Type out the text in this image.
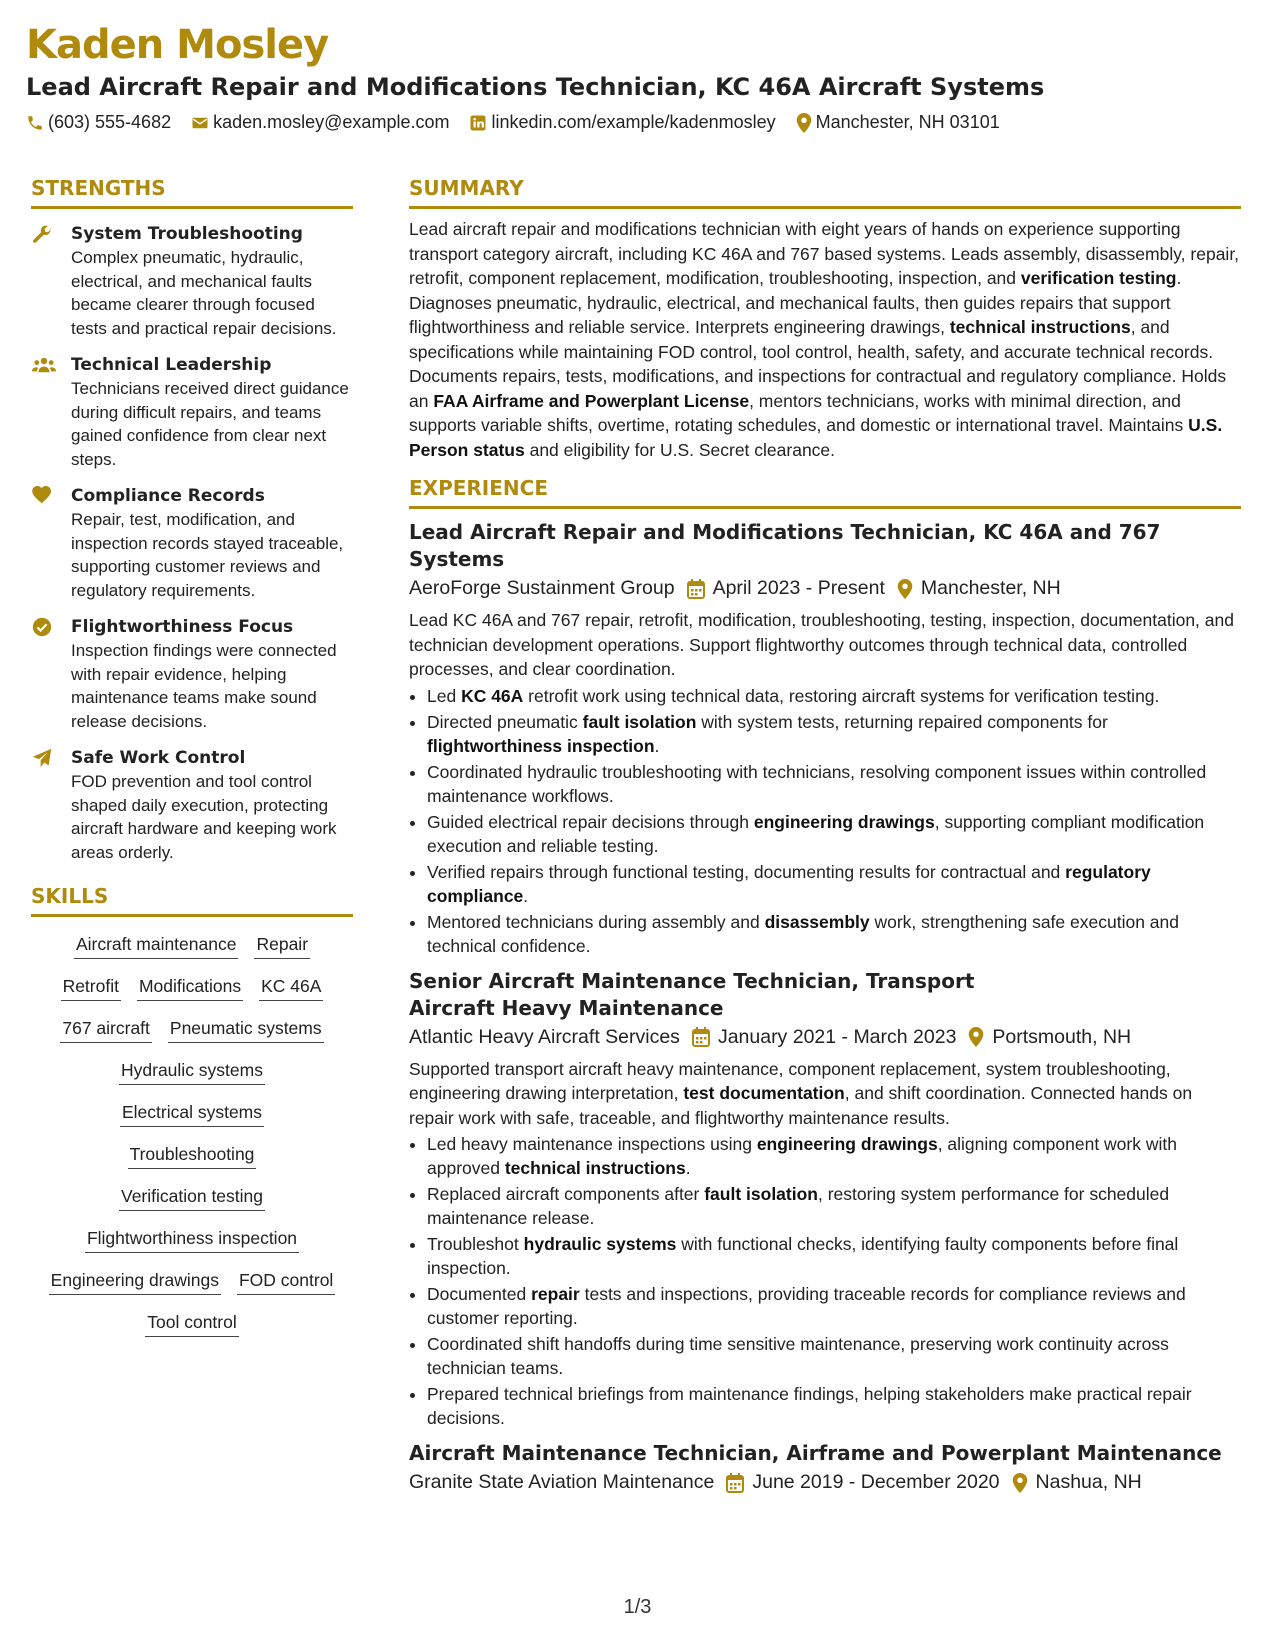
Kaden Mosley
Lead Aircraft Repair and Modifications Technician, KC 46A Aircraft Systems
(603) 555-4682 kaden.mosley@example.com linkedin.com/example/kadenmosley Manchester, NH 03101
STRENGTHS
System Troubleshooting
Complex pneumatic, hydraulic, electrical, and mechanical faults became clearer through focused tests and practical repair decisions.
Technical Leadership
Technicians received direct guidance during difficult repairs, and teams gained confidence from clear next steps.
Compliance Records
Repair, test, modification, and inspection records stayed traceable, supporting customer reviews and regulatory requirements.
Flightworthiness Focus
Inspection findings were connected with repair evidence, helping maintenance teams make sound release decisions.
Safe Work Control
FOD prevention and tool control shaped daily execution, protecting aircraft hardware and keeping work areas orderly.
SKILLS
Aircraft maintenance Repair
Retrofit Modifications KC 46A
767 aircraft Pneumatic systems
Hydraulic systems
Electrical systems
Troubleshooting
Verification testing
Flightworthiness inspection
Engineering drawings FOD control
Tool control
SUMMARY

Lead aircraft repair and modifications technician with eight years of hands on experience supporting transport category aircraft, including KC 46A and 767 based systems. Leads assembly, disassembly, repair, retrofit, component replacement, modification, troubleshooting, inspection, and verification testing. Diagnoses pneumatic, hydraulic, electrical, and mechanical faults, then guides repairs that support flightworthiness and reliable service. Interprets engineering drawings, technical instructions, and specifications while maintaining FOD control, tool control, health, safety, and accurate technical records. Documents repairs, tests, modifications, and inspections for contractual and regulatory compliance. Holds an FAA Airframe and Powerplant License, mentors technicians, works with minimal direction, and supports variable shifts, overtime, rotating schedules, and domestic or international travel. Maintains U.S. Person status and eligibility for U.S. Secret clearance.

EXPERIENCE
Lead Aircraft Repair and Modifications Technician, KC 46A and 767 Systems
AeroForge Sustainment Group April 2023 - Present Manchester, NH

Lead KC 46A and 767 repair, retrofit, modification, troubleshooting, testing, inspection, documentation, and technician development operations. Support flightworthy outcomes through technical data, controlled processes, and clear coordination.

• Led KC 46A retrofit work using technical data, restoring aircraft systems for verification testing.
• Directed pneumatic fault isolation with system tests, returning repaired components for flightworthiness inspection.
• Coordinated hydraulic troubleshooting with technicians, resolving component issues within controlled maintenance workflows.
• Guided electrical repair decisions through engineering drawings, supporting compliant modification execution and reliable testing.
• Verified repairs through functional testing, documenting results for contractual and regulatory compliance.
• Mentored technicians during assembly and disassembly work, strengthening safe execution and technical confidence.
Senior Aircraft Maintenance Technician, Transport Aircraft Heavy Maintenance
Atlantic Heavy Aircraft Services January 2021 - March 2023 Portsmouth, NH

Supported transport aircraft heavy maintenance, component replacement, system troubleshooting, engineering drawing interpretation, test documentation, and shift coordination. Connected hands on repair work with safe, traceable, and flightworthy maintenance results.

• Led heavy maintenance inspections using engineering drawings, aligning component work with approved technical instructions.
• Replaced aircraft components after fault isolation, restoring system performance for scheduled maintenance release.
• Troubleshot hydraulic systems with functional checks, identifying faulty components before final inspection.
• Documented repair tests and inspections, providing traceable records for compliance reviews and customer reporting.
• Coordinated shift handoffs during time sensitive maintenance, preserving work continuity across technician teams.
• Prepared technical briefings from maintenance findings, helping stakeholders make practical repair decisions.
Aircraft Maintenance Technician, Airframe and Powerplant Maintenance
Granite State Aviation Maintenance June 2019 - December 2020 Nashua, NH
1/3
